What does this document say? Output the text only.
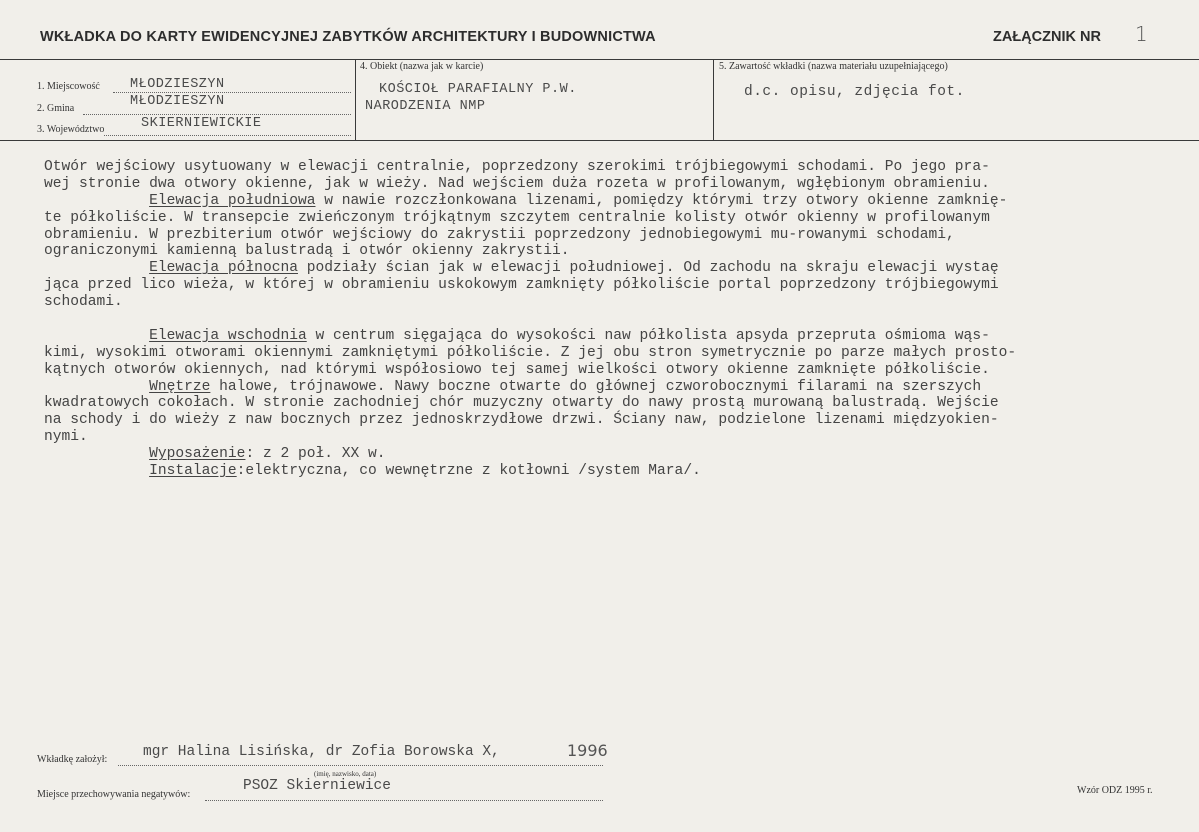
WKŁADKA DO KARTY EWIDENCYJNEJ ZABYTKÓW ARCHITEKTURY I BUDOWNICTWA	ZAŁĄCZNIK NR 1
1. Miejscowość MŁODZIESZYN
2. Gmina	MŁODZIESZYN
3. Województwo	SKIERNIEWICKIE
4. Obiekt (nazwa jak w karcie)
KOŚCIOŁ PARAFIALNY P.W.
NARODZENIA NMP
5. Zawartość wkładki (nazwa materiału uzupełniającego)
d.c. opisu, zdjęcia fot.
Otwór wejściowy usytuowany w elewacji centralnie, poprzedzony szerokimi trójbiegowymi schodami. Po jego pra-
wej stronie dwa otwory okienne, jak w wieży. Nad wejściem duża rozeta w profilowanym, wgłębionym obramieniu.
Elewacja południowa w nawie rozczłonkowana lizenami, pomiędzy którymi trzy otwory okienne zamknię-
te półkoliście. W transepcie zwieńczonym trójkątnym szczytem centralnie kolisty otwór okienny w profilowanym
obramieniu. W prezbiterium otwór wejściowy do zakrystii poprzedzony jednobiegowymi mu-rowanymi schodami,
ograniczonymi kamienną balustradą i otwór okienny zakrystii.
Elewacja północna podziały ścian jak w elewacji południowej. Od zachodu na skraju elewacji wystaę
jąca przed lico wieża, w której w obramieniu uskokowym zamknięty półkoliście portal poprzedzony trójbiegowymi
schodami.
Elewacja wschodnia w centrum sięgająca do wysokości naw półkolista apsyda przepruta ośmioma wąs-
kimi, wysokimi otworami okiennymi zamkniętymi półkoliście. Z jej obu stron symetrycznie po parze małych prosto-
kątnych otworów okiennych, nad którymi współosiowo tej samej wielkości otwory okienne zamknięte półkoliście.
Wnętrze halowe, trójnawowe. Nawy boczne otwarte do głównej czworobocznymi filarami na szerszych
kwadratowych cokołach. W stronie zachodniej chór muzyczny otwarty do nawy prostą murowaną balustradą. Wejście
na schody i do wieży z naw bocznych przez jednoskrzydłowe drzwi. Ściany naw, podzielone lizenami międzyokien-
nymi.
Wyposażenie: z 2 poł. XX w.
Instalacje:elektryczna, co wewnętrzne z kotłowni /system Mara/.
Wkładkę założył: mgr Halina Lisińska, dr Zofia Borowska X,	1996
(imię, nazwisko, data)
Miejsce przechowywania negatywów:
PSOZ Skierniewice	Wzór ODZ 1995 r.
